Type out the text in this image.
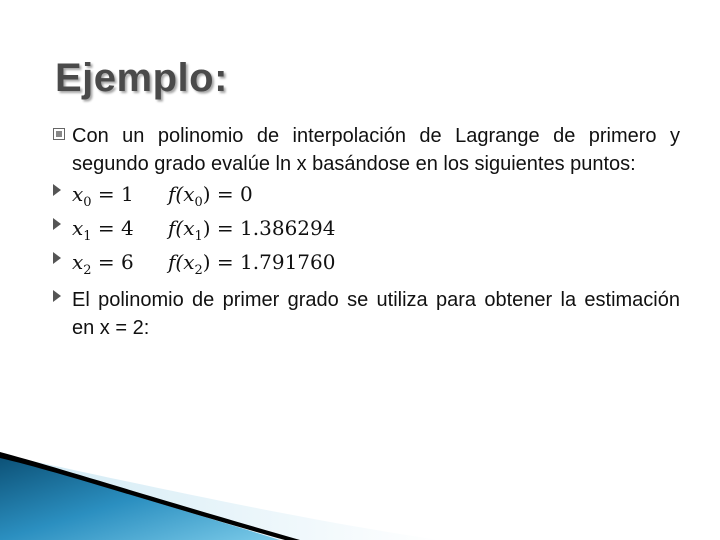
Ejemplo:
Con un polinomio de interpolación de Lagrange de primero y segundo grado evalúe ln x basándose en los siguientes puntos:
$x_0 = 1$ $f(x_0) = 0$
$x_1 = 4$ $f(x_1) = 1.386294$
$x_2 = 6$ $f(x_2) = 1.791760$
El polinomio de primer grado se utiliza para obtener la estimación en x = 2:
